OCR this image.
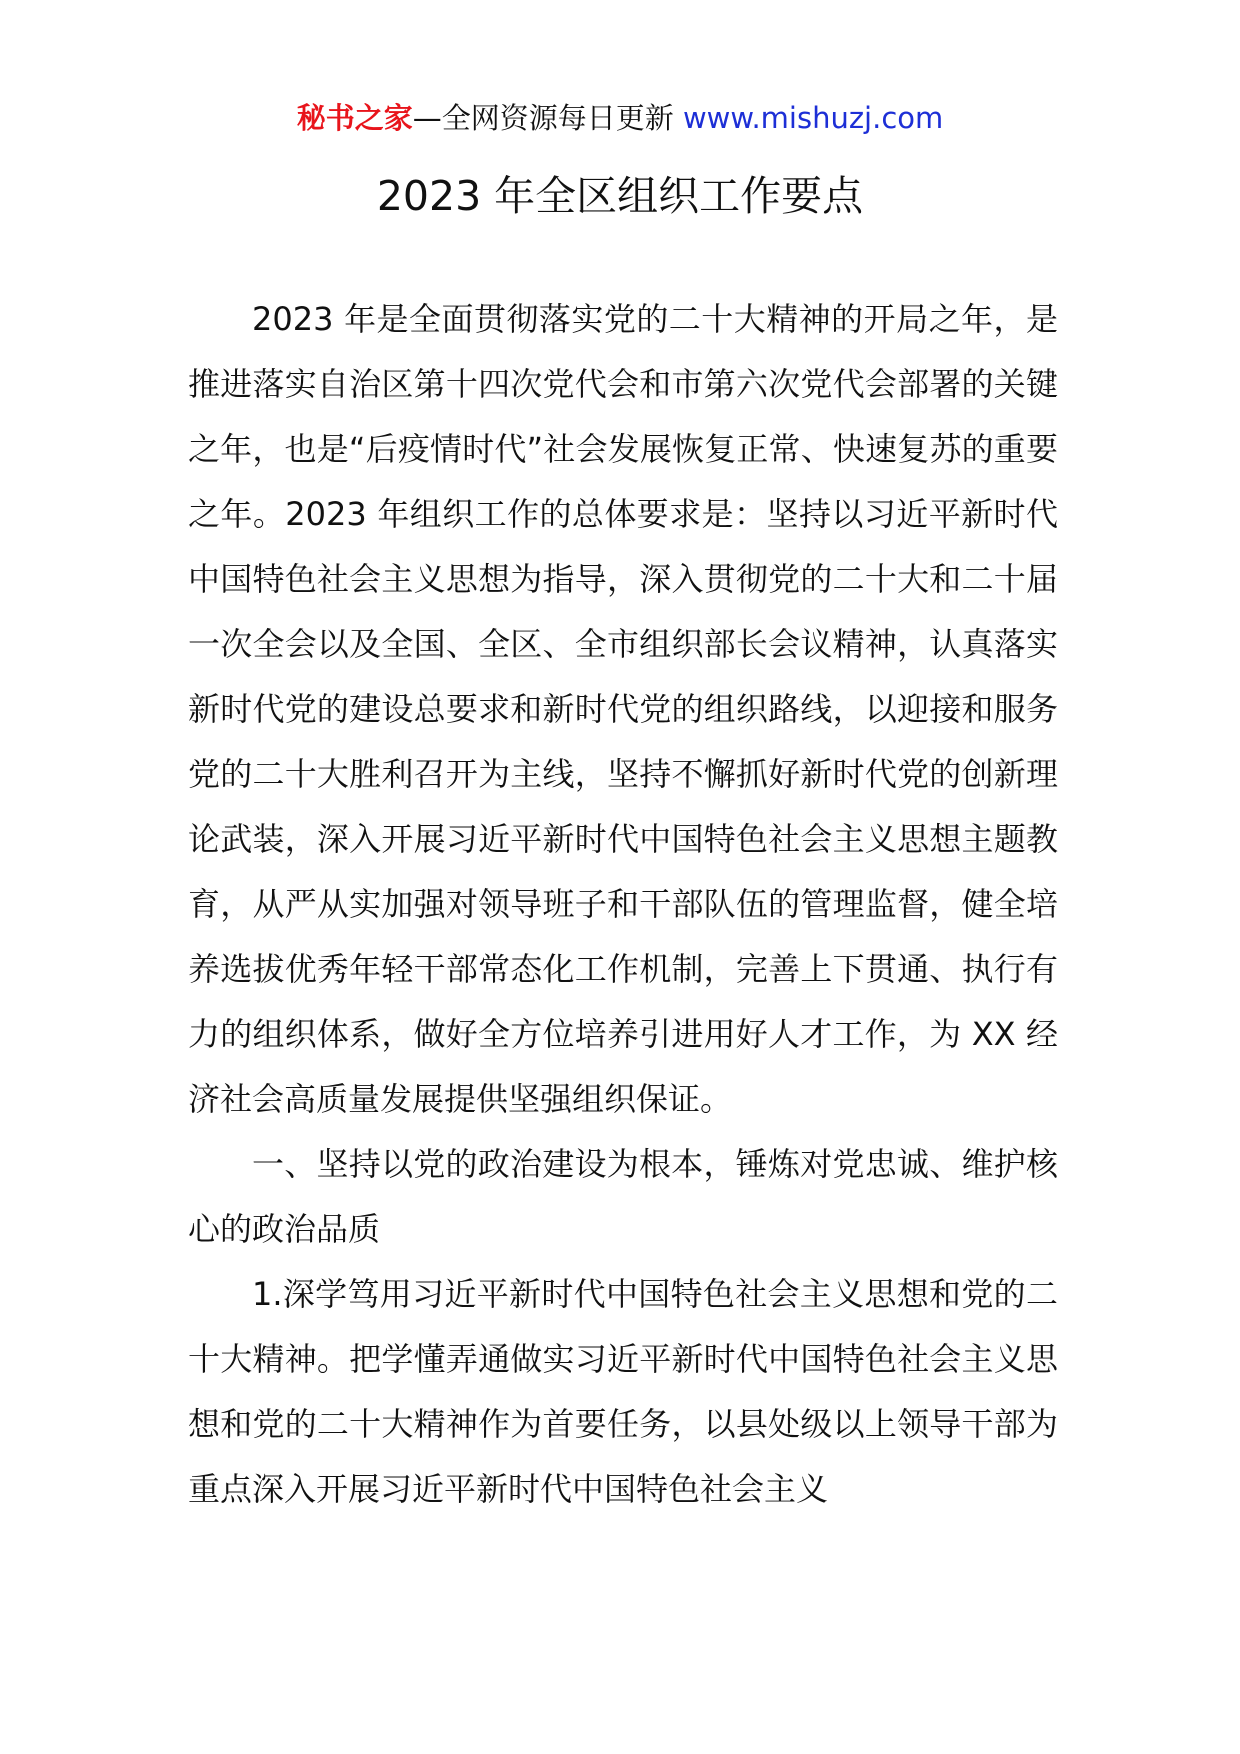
秘书之家—全网资源每日更新 www.mishuzj.com
2023 年全区组织工作要点

2023 年是全面贯彻落实党的二十大精神的开局之年，是推进落实自治区第十四次党代会和市第六次党代会部署的关键之年，也是“后疫情时代”社会发展恢复正常、快速复苏的重要之年。2023 年组织工作的总体要求是：坚持以习近平新时代中国特色社会主义思想为指导，深入贯彻党的二十大和二十届一次全会以及全国、全区、全市组织部长会议精神，认真落实新时代党的建设总要求和新时代党的组织路线，以迎接和服务党的二十大胜利召开为主线，坚持不懈抓好新时代党的创新理论武装，深入开展习近平新时代中国特色社会主义思想主题教育，从严从实加强对领导班子和干部队伍的管理监督，健全培养选拔优秀年轻干部常态化工作机制，完善上下贯通、执行有力的组织体系，做好全方位培养引进用好人才工作，为 XX 经济社会高质量发展提供坚强组织保证。

一、坚持以党的政治建设为根本，锤炼对党忠诚、维护核心的政治品质

1.深学笃用习近平新时代中国特色社会主义思想和党的二十大精神。把学懂弄通做实习近平新时代中国特色社会主义思想和党的二十大精神作为首要任务，以县处级以上领导干部为重点深入开展习近平新时代中国特色社会主义
